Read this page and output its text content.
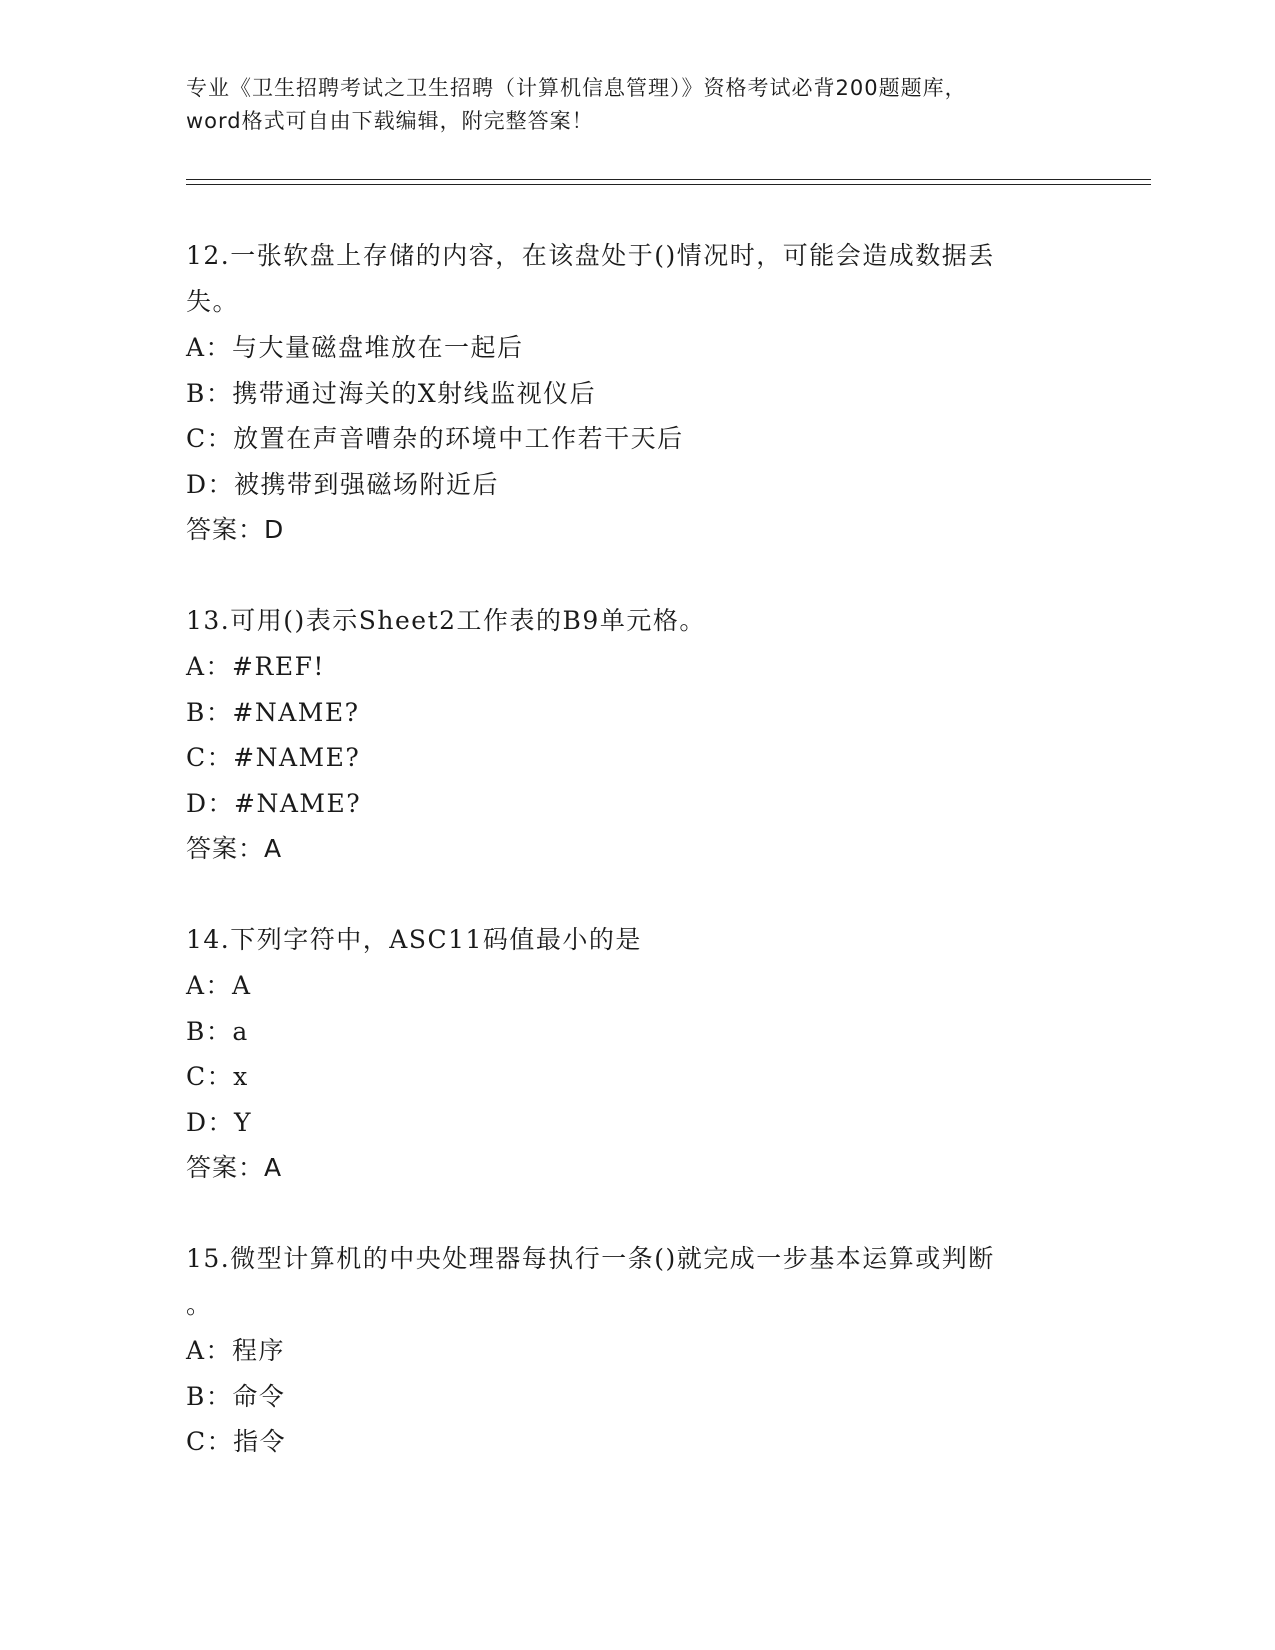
专业《卫生招聘考试之卫生招聘（计算机信息管理）》资格考试必背200题题库，
word格式可自由下载编辑，附完整答案！

12.一张软盘上存储的内容，在该盘处于()情况时，可能会造成数据丢

失。

A：与大量磁盘堆放在一起后

B：携带通过海关的X射线监视仪后

C：放置在声音嘈杂的环境中工作若干天后

D：被携带到强磁场附近后

答案：D

13.可用()表示Sheet2工作表的B9单元格。

A：#REF!

B：#NAME?

C：#NAME?

D：#NAME?

答案：A

14.下列字符中，ASC11码值最小的是

A：A

B：a

C：x

D：Y

答案：A

15.微型计算机的中央处理器每执行一条()就完成一步基本运算或判断

。

A：程序

B：命令

C：指令
